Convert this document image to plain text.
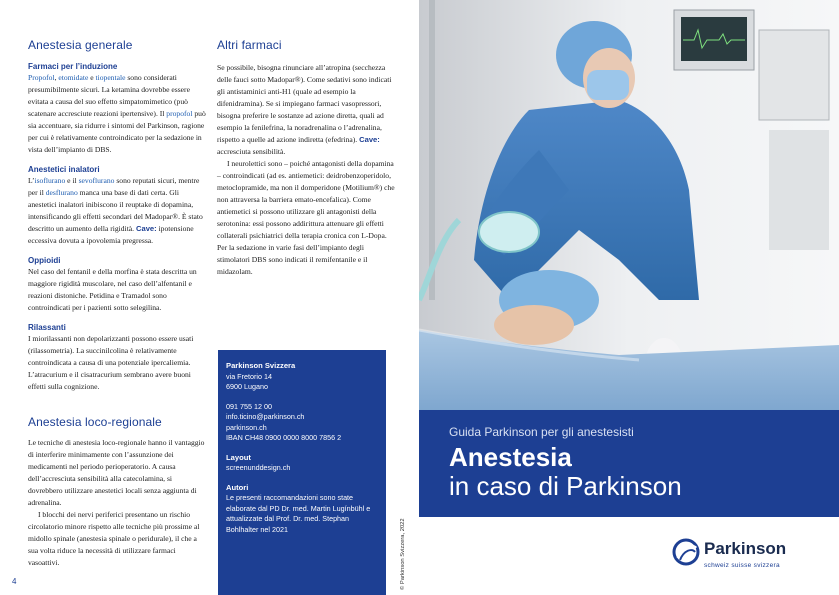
Anestesia generale
Farmaci per l’induzione

Propofol, etomidate e tiopentale sono considerati presumibilmente sicuri. La ketamina dovrebbe essere evitata a causa del suo effetto simpatomimetico (può scatenare accresciute reazioni ipertensive). Il propofol può sia accentuare, sia ridurre i sintomi del Parkinson, ragione per cui è relativamente controindicato per la sedazione in vista dell’impianto di DBS.

Anestetici inalatori

L’isoflurano e il sevoflurano sono reputati sicuri, mentre per il desflurano manca una base di dati certa. Gli anestetici inalatori inibiscono il reuptake di dopamina, intensificando gli effetti secondari del Madopar®. È stato descritto un aumento della rigidità. Cave: ipotensione eccessiva dovuta a ipovolemia pregressa.

Oppioidi

Nel caso del fentanil e della morfina è stata descritta un maggiore rigidità muscolare, nel caso dell’alfentanil e reazioni distoniche. Petidina e Tramadol sono controindicati per i pazienti sotto selegilina.

Rilassanti

I miorilassanti non depolarizzanti possono essere usati (rilassometria). La succinilcolina è relativamente controindicata a causa di una potenziale ipercaliemia. L’atracurium e il cisatracurium sembrano avere buoni effetti sulla cognizione.

Anestesia loco-regionale

Le tecniche di anestesia loco-regionale hanno il vantaggio di interferire minimamente con l’assunzione dei medicamenti nel periodo perioperatorio. A causa dell’accresciuta sensibilità alla catecolamina, si dovrebbero utilizzare anestetici locali senza aggiunta di adrenalina.

I blocchi dei nervi periferici presentano un rischio circolatorio minore rispetto alle tecniche più prossime al midollo spinale (anestesia spinale o peridurale), il che a sua volta riduce la necessità di utilizzare farmaci vasoattivi.

Altri farmaci

Se possibile, bisogna rinunciare all’atropina (secchezza delle fauci sotto Madopar®). Come sedativi sono indicati gli antistaminici anti-H1 (quale ad esempio la difenidramina). Se si impiegano farmaci vasopressori, bisogna preferire le sostanze ad azione diretta, quali ad esempio la fenilefrina, la noradrenalina o l’adrenalina, rispetto a quelle ad azione indiretta (efedrina). Cave: accresciuta sensibilità.

I neurolettici sono – poiché antagonisti della dopamina – controindicati (ad es. antiemetici: deidrobenzoperidolo, metoclopramide, ma non il domperidone (Motilium®) che non attraversa la barriera emato-encefalica). Come antiemetici si possono utilizzare gli antagonisti della serotonina: essi possono addirittura attenuare gli effetti collaterali psichiatrici della terapia cronica con L-Dopa. Per la sedazione in varie fasi dell’impianto degli stimolatori DBS sono indicati il remifentanile e il midazolam.

Parkinson Svizzera
via Fretorio 14
6900 Lugano
091 755 12 00
info.ticino@parkinson.ch
parkinson.ch
IBAN CH48 0900 0000 8000 7856 2
Layout
screenunddesign.ch
Autori
Le presenti raccomandazioni sono state elaborate dal PD Dr. med. Martin Lugínbühl e attualizzate dal Prof. Dr. med. Stephan Bohlhalter nel 2021	© Parkinson Svizzera, 2022
4
Guida Parkinson per gli anestesisti
Anestesia
in caso di Parkinson
Parkinson
schweiz suisse svizzera
